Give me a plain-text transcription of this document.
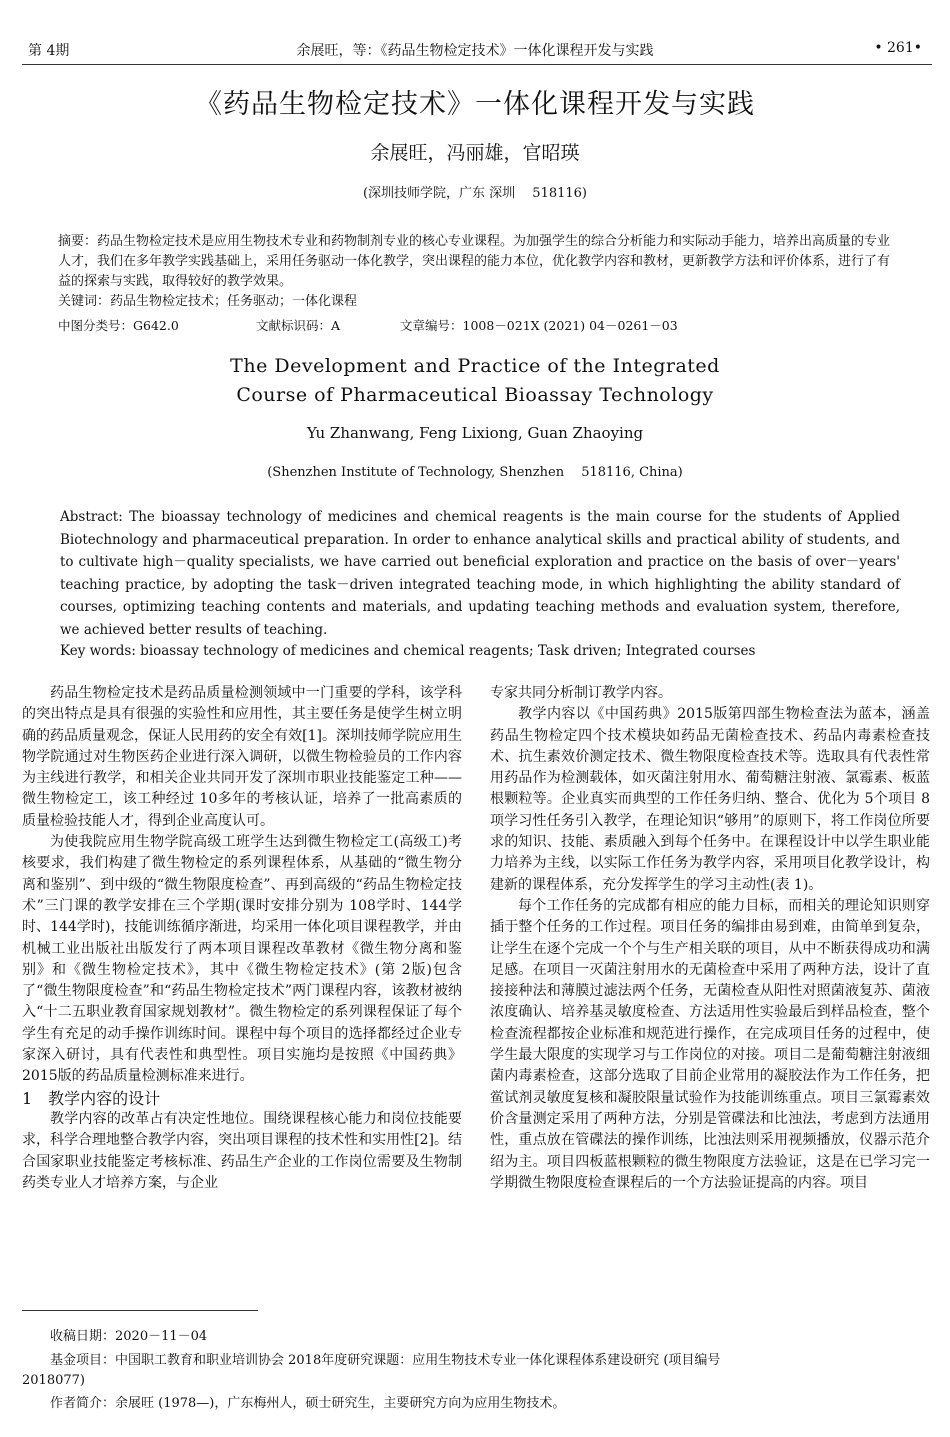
第 4期	余展旺，等：《药品生物检定技术》一体化课程开发与实践	• 261•
《药品生物检定技术》一体化课程开发与实践
余展旺，冯丽雄，官昭瑛
(深圳技师学院，广东 深圳　 518116)
摘要：药品生物检定技术是应用生物技术专业和药物制剂专业的核心专业课程。为加强学生的综合分析能力和实际动手能力，培养出高质量的专业人才，我们在多年教学实践基础上，采用任务驱动一体化教学，突出课程的能力本位，优化教学内容和教材，更新教学方法和评价体系，进行了有益的探索与实践，取得较好的教学效果。
关键词：药品生物检定技术；任务驱动；一体化课程
中图分类号：G642.0	文献标识码：A	文章编号：1008－021X (2021) 04－0261－03
The Development and Practice of the Integrated
Course of Pharmaceutical Bioassay Technology
Yu Zhanwang, Feng Lixiong, Guan Zhaoying
(Shenzhen Institute of Technology, Shenzhen　 518116, China)
Abstract: The bioassay technology of medicines and chemical reagents is the main course for the students of Applied Biotechnology and pharmaceutical preparation. In order to enhance analytical skills and practical ability of students, and to cultivate high－quality specialists, we have carried out beneficial exploration and practice on the basis of over－years' teaching practice, by adopting the task－driven integrated teaching mode, in which highlighting the ability standard of courses, optimizing teaching contents and materials, and updating teaching methods and evaluation system, therefore, we achieved better results of teaching.
Key words: bioassay technology of medicines and chemical reagents; Task driven; Integrated courses

药品生物检定技术是药品质量检测领域中一门重要的学科，该学科的突出特点是具有很强的实验性和应用性，其主要任务是使学生树立明确的药品质量观念，保证人民用药的安全有效[1]。深圳技师学院应用生物学院通过对生物医药企业进行深入调研，以微生物检验员的工作内容为主线进行教学，和相关企业共同开发了深圳市职业技能鉴定工种——微生物检定工，该工种经过 10多年的考核认证，培养了一批高素质的质量检验技能人才，得到企业高度认可。

为使我院应用生物学院高级工班学生达到微生物检定工(高级工)考核要求，我们构建了微生物检定的系列课程体系，从基础的“微生物分离和鉴别”、到中级的“微生物限度检查”、再到高级的“药品生物检定技术”三门课的教学安排在三个学期(课时安排分别为 108学时、144学时、144学时)，技能训练循序渐进，均采用一体化项目课程教学，并由机械工业出版社出版发行了两本项目课程改革教材《微生物分离和鉴别》和《微生物检定技术》，其中《微生物检定技术》(第 2版)包含了“微生物限度检查”和“药品生物检定技术”两门课程内容，该教材被纳入“十二五职业教育国家规划教材”。微生物检定的系列课程保证了每个学生有充足的动手操作训练时间。课程中每个项目的选择都经过企业专家深入研讨，具有代表性和典型性。项目实施均是按照《中国药典》2015版的药品质量检测标准来进行。

1　教学内容的设计

教学内容的改革占有决定性地位。围绕课程核心能力和岗位技能要求，科学合理地整合教学内容，突出项目课程的技术性和实用性[2]。结合国家职业技能鉴定考核标准、药品生产企业的工作岗位需要及生物制药类专业人才培养方案，与企业

专家共同分析制订教学内容。

教学内容以《中国药典》2015版第四部生物检查法为蓝本，涵盖药品生物检定四个技术模块如药品无菌检查技术、药品内毒素检查技术、抗生素效价测定技术、微生物限度检查技术等。选取具有代表性常用药品作为检测载体，如灭菌注射用水、葡萄糖注射液、氯霉素、板蓝根颗粒等。企业真实而典型的工作任务归纳、整合、优化为 5个项目 8项学习性任务引入教学，在理论知识“够用”的原则下，将工作岗位所要求的知识、技能、素质融入到每个任务中。在课程设计中以学生职业能力培养为主线，以实际工作任务为教学内容，采用项目化教学设计，构建新的课程体系，充分发挥学生的学习主动性(表 1)。

每个工作任务的完成都有相应的能力目标，而相关的理论知识则穿插于整个任务的工作过程。项目任务的编排由易到难，由简单到复杂，让学生在逐个完成一个个与生产相关联的项目，从中不断获得成功和满足感。在项目一灭菌注射用水的无菌检查中采用了两种方法，设计了直接接种法和薄膜过滤法两个任务，无菌检查从阳性对照菌液复苏、菌液浓度确认、培养基灵敏度检查、方法适用性实验最后到样品检查，整个检查流程都按企业标准和规范进行操作，在完成项目任务的过程中，使学生最大限度的实现学习与工作岗位的对接。项目二是葡萄糖注射液细菌内毒素检查，这部分选取了目前企业常用的凝胶法作为工作任务，把鲎试剂灵敏度复核和凝胶限量试验作为技能训练重点。项目三氯霉素效价含量测定采用了两种方法，分别是管碟法和比浊法，考虑到方法通用性，重点放在管碟法的操作训练，比浊法则采用视频播放，仪器示范介绍为主。项目四板蓝根颗粒的微生物限度方法验证，这是在已学习完一学期微生物限度检查课程后的一个方法验证提高的内容。项目

收稿日期：2020－11－04
基金项目：中国职工教育和职业培训协会 2018年度研究课题：应用生物技术专业一体化课程体系建设研究 (项目编号
2018077)
作者简介：余展旺 (1978—)，广东梅州人，硕士研究生，主要研究方向为应用生物技术。
